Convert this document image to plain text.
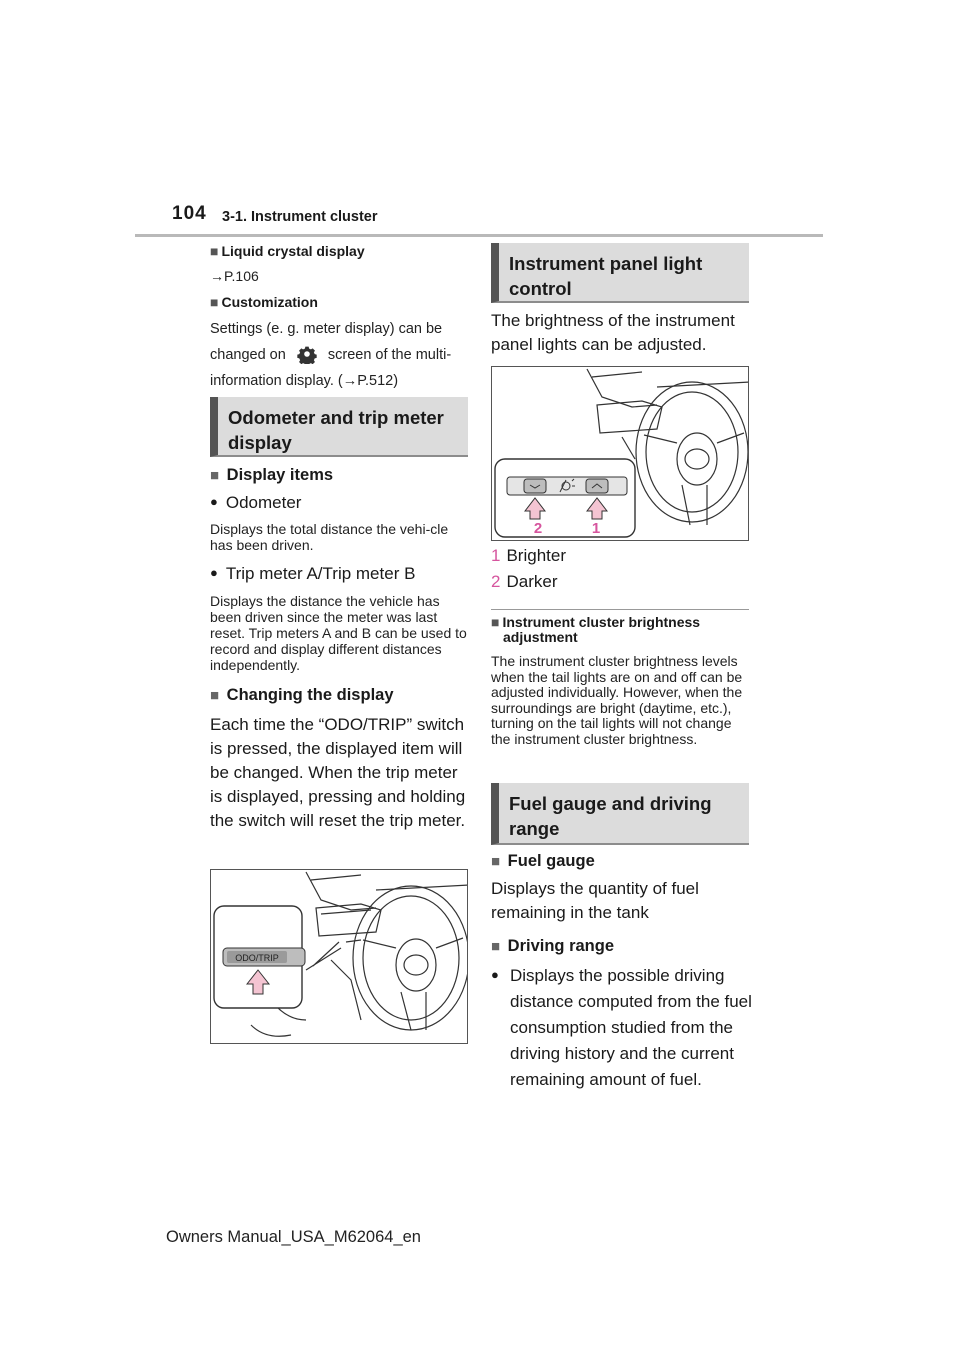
104 3-1. Instrument cluster
■ Liquid crystal display
→P.106
■ Customization
Settings (e. g. meter display) can be
changed on	screen of the multi-
information display. (→P.512)
Odometer and trip meter display
■ Display items
● Odometer
Displays the total distance the vehi-cle has been driven.
● Trip meter A/Trip meter B
Displays the distance the vehicle has been driven since the meter was last reset. Trip meters A and B can be used to record and display different distances independently.
■ Changing the display
Each time the “ODO/TRIP” switch is pressed, the displayed item will be changed. When the trip meter is displayed, pressing and holding the switch will reset the trip meter.
ODO/TRIP
Instrument panel light control
The brightness of the instrument panel lights can be adjusted.
2	1
1 Brighter
2 Darker
■ Instrument cluster brightness adjustment
The instrument cluster brightness levels when the tail lights are on and off can be adjusted individually. However, when the surroundings are bright (daytime, etc.), turning on the tail lights will not change the instrument cluster brightness.
Fuel gauge and driving range
■ Fuel gauge
Displays the quantity of fuel remaining in the tank
■ Driving range
● Displays the possible driving distance computed from the fuel consumption studied from the driving history and the current remaining amount of fuel.
Owners Manual_USA_M62064_en
